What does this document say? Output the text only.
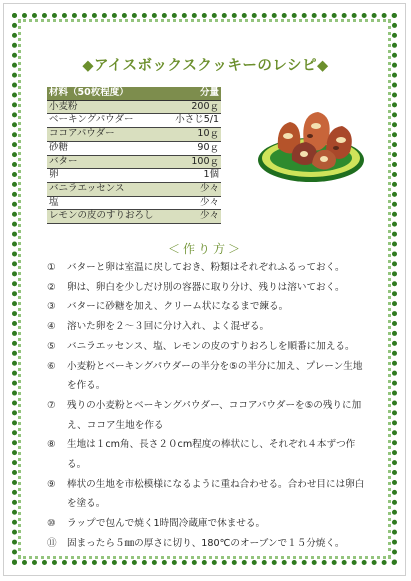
◆アイスボックスクッキーのレシピ◆
材料（50枚程度）	分量
小麦粉	200ｇ
ベーキングパウダー	小さじ5/1
ココアパウダー	10ｇ
砂糖	90ｇ
バター	100ｇ
卵	1個
バニラエッセンス	少々
塩	少々
レモンの皮のすりおろし	少々
＜作り方＞
①	バターと卵は室温に戻しておき、粉類はそれぞれふるっておく。
②	卵は、卵白を少しだけ別の容器に取り分け、残りは溶いておく。
③	バターに砂糖を加え、クリーム状になるまで練る。
④	溶いた卵を２～３回に分け入れ、よく混ぜる。
⑤	バニラエッセンス、塩、レモンの皮のすりおろしを順番に加える。
⑥	小麦粉とベーキングパウダーの半分を⑤の半分に加え、プレーン生地
を作る。
⑦	残りの小麦粉とベーキングパウダー、ココアパウダーを⑤の残りに加
え、ココア生地を作る
⑧	生地は１cm角、長さ２０cm程度の棒状にし、それぞれ４本ずつ作る。
⑨	棒状の生地を市松模様になるように重ね合わせる。合わせ目には卵白
を塗る。
⑩	ラップで包んで焼く1時間冷蔵庫で休ませる。
⑪	固まったら５㎜の厚さに切り、180℃のオーブンで１５分焼く。
